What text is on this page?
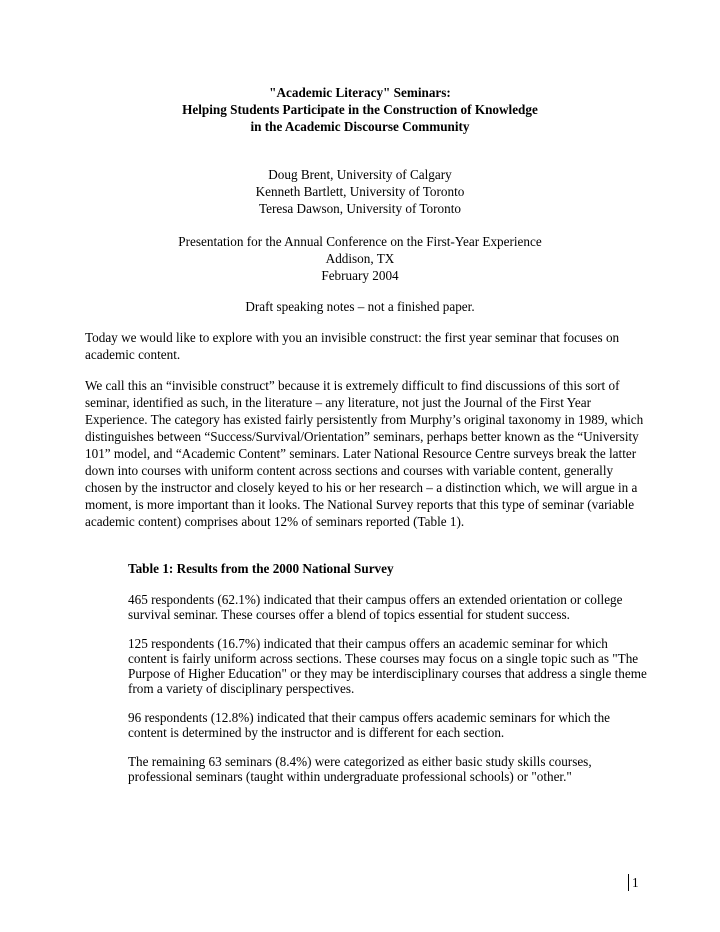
"Academic Literacy" Seminars:
Helping Students Participate in the Construction of Knowledge
in the Academic Discourse Community
Doug Brent, University of Calgary
Kenneth Bartlett, University of Toronto
Teresa Dawson, University of Toronto
Presentation for the Annual Conference on the First-Year Experience
Addison, TX
February 2004
Draft speaking notes – not a finished paper.

Today we would like to explore with you an invisible construct: the first year seminar that focuses on academic content.

We call this an “invisible construct” because it is extremely difficult to find discussions of this sort of seminar, identified as such, in the literature – any literature, not just the Journal of the First Year Experience. The category has existed fairly persistently from Murphy’s original taxonomy in 1989, which distinguishes between “Success/Survival/Orientation” seminars, perhaps better known as the “University 101” model, and “Academic Content” seminars. Later National Resource Centre surveys break the latter down into courses with uniform content across sections and courses with variable content, generally chosen by the instructor and closely keyed to his or her research – a distinction which, we will argue in a moment, is more important than it looks. The National Survey reports that this type of seminar (variable academic content) comprises about 12% of seminars reported (Table 1).

Table 1: Results from the 2000 National Survey

465 respondents (62.1%) indicated that their campus offers an extended orientation or college survival seminar. These courses offer a blend of topics essential for student success.

125 respondents (16.7%) indicated that their campus offers an academic seminar for which content is fairly uniform across sections. These courses may focus on a single topic such as "The Purpose of Higher Education" or they may be interdisciplinary courses that address a single theme from a variety of disciplinary perspectives.

96 respondents (12.8%) indicated that their campus offers academic seminars for which the content is determined by the instructor and is different for each section.

The remaining 63 seminars (8.4%) were categorized as either basic study skills courses, professional seminars (taught within undergraduate professional schools) or "other."

1
